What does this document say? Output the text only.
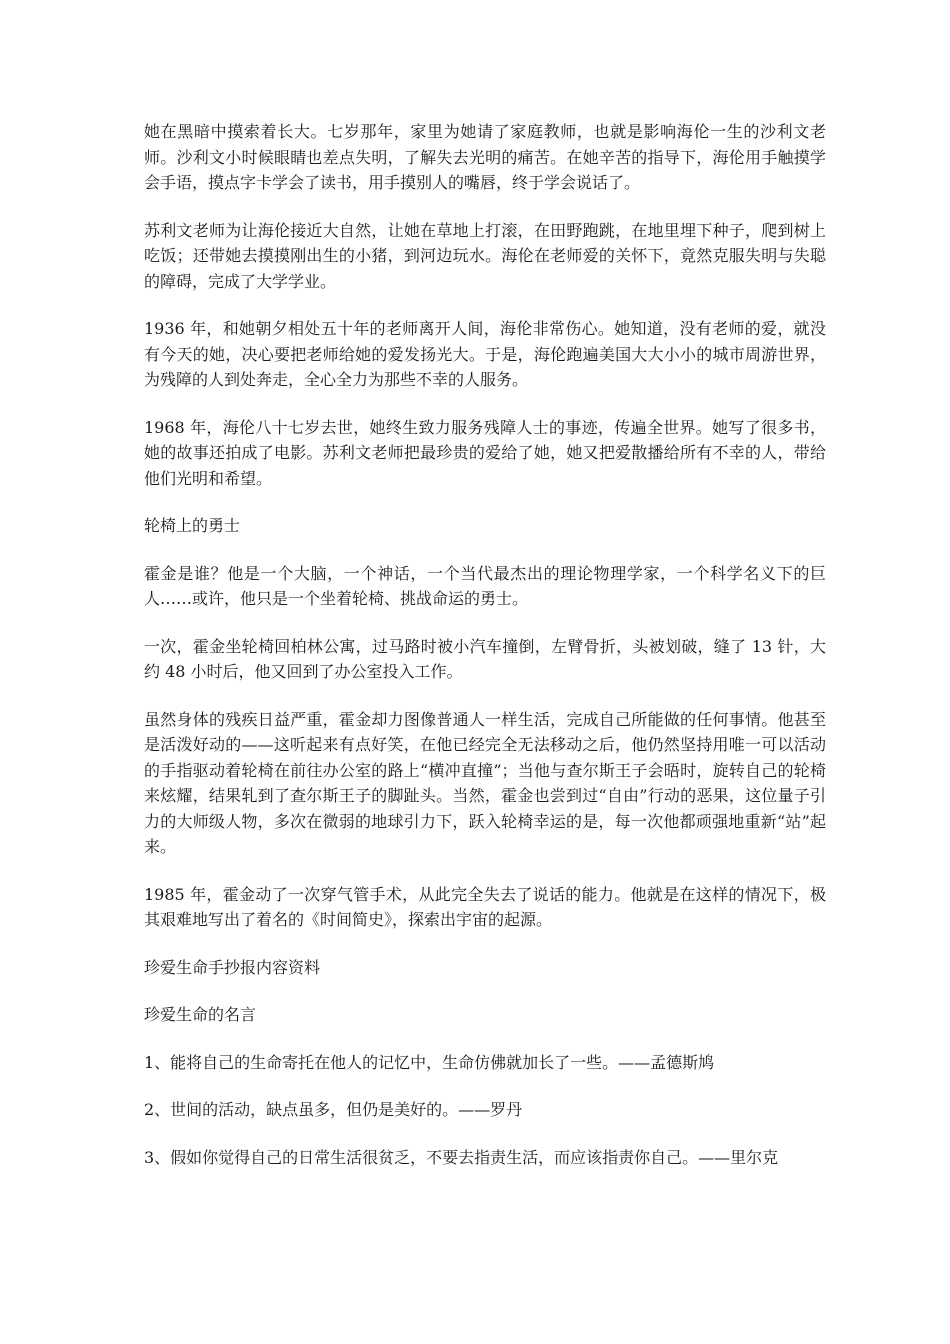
她在黑暗中摸索着长大。七岁那年，家里为她请了家庭教师，也就是影响海伦一生的沙利文老师。沙利文小时候眼睛也差点失明，了解失去光明的痛苦。在她辛苦的指导下，海伦用手触摸学会手语，摸点字卡学会了读书，用手摸别人的嘴唇，终于学会说话了。

苏利文老师为让海伦接近大自然，让她在草地上打滚，在田野跑跳，在地里埋下种子，爬到树上吃饭；还带她去摸摸刚出生的小猪，到河边玩水。海伦在老师爱的关怀下，竟然克服失明与失聪的障碍，完成了大学学业。

1936 年，和她朝夕相处五十年的老师离开人间，海伦非常伤心。她知道，没有老师的爱，就没有今天的她，决心要把老师给她的爱发扬光大。于是，海伦跑遍美国大大小小的城市周游世界，为残障的人到处奔走，全心全力为那些不幸的人服务。

1968 年，海伦八十七岁去世，她终生致力服务残障人士的事迹，传遍全世界。她写了很多书，她的故事还拍成了电影。苏利文老师把最珍贵的爱给了她，她又把爱散播给所有不幸的人，带给他们光明和希望。

轮椅上的勇士

霍金是谁？他是一个大脑，一个神话，一个当代最杰出的理论物理学家，一个科学名义下的巨人……或许，他只是一个坐着轮椅、挑战命运的勇士。

一次，霍金坐轮椅回柏林公寓，过马路时被小汽车撞倒，左臂骨折，头被划破，缝了 13 针，大约 48 小时后，他又回到了办公室投入工作。

虽然身体的残疾日益严重，霍金却力图像普通人一样生活，完成自己所能做的任何事情。他甚至是活泼好动的——这听起来有点好笑，在他已经完全无法移动之后，他仍然坚持用唯一可以活动的手指驱动着轮椅在前往办公室的路上“横冲直撞”；当他与查尔斯王子会晤时，旋转自己的轮椅来炫耀，结果轧到了查尔斯王子的脚趾头。当然，霍金也尝到过“自由”行动的恶果，这位量子引力的大师级人物，多次在微弱的地球引力下，跃入轮椅幸运的是，每一次他都顽强地重新“站”起来。

1985 年，霍金动了一次穿气管手术，从此完全失去了说话的能力。他就是在这样的情况下，极其艰难地写出了着名的《时间简史》，探索出宇宙的起源。

珍爱生命手抄报内容资料

珍爱生命的名言

1、能将自己的生命寄托在他人的记忆中，生命仿佛就加长了一些。——孟德斯鸠

2、世间的活动，缺点虽多，但仍是美好的。——罗丹

3、假如你觉得自己的日常生活很贫乏，不要去指责生活，而应该指责你自己。——里尔克
